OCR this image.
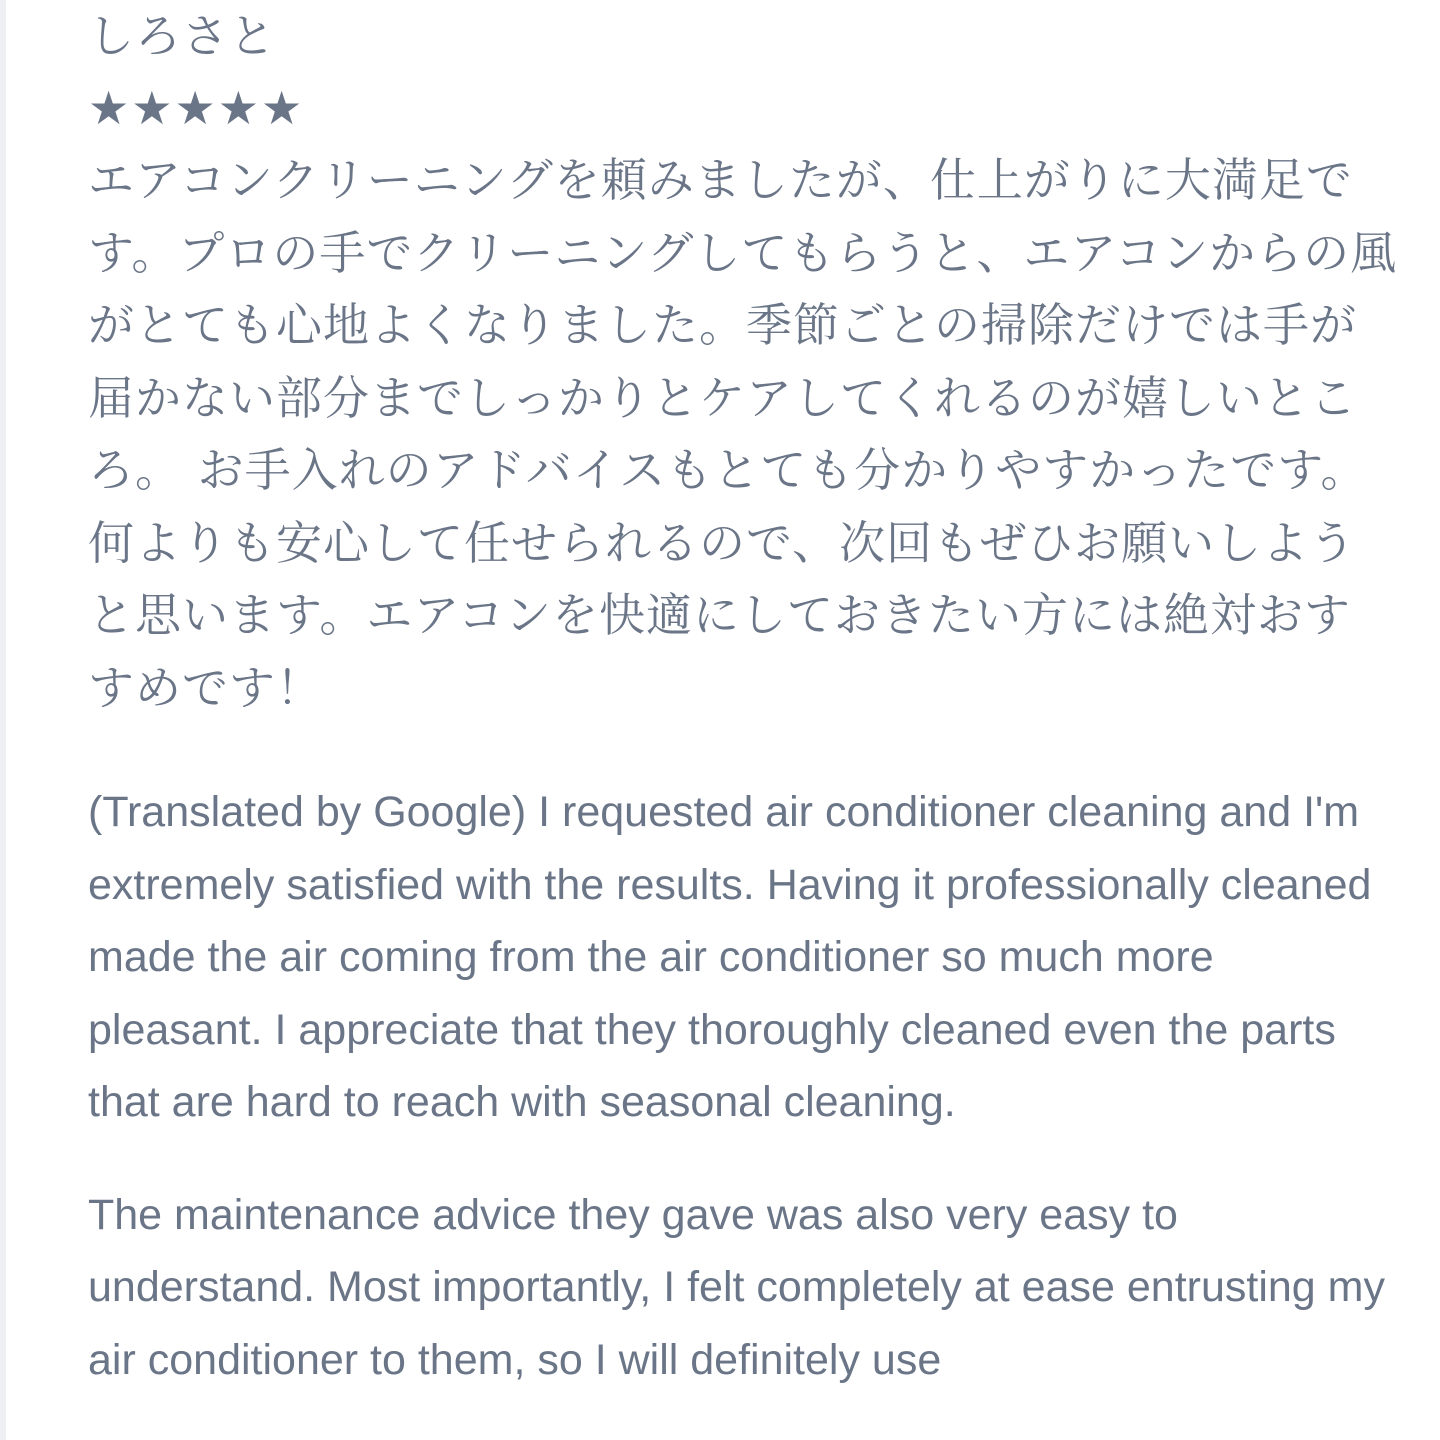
しろさと
★★★★★

エアコンクリーニングを頼みましたが、仕上がりに大満足です。プロの手でクリーニングしてもらうと、エアコンからの風がとても心地よくなりました。季節ごとの掃除だけでは手が届かない部分までしっかりとケアしてくれるのが嬉しいところ。 お手入れのアドバイスもとても分かりやすかったです。何よりも安心して任せられるので、次回もぜひお願いしようと思います。エアコンを快適にしておきたい方には絶対おすすめです！

(Translated by Google) I requested air conditioner cleaning and I'm extremely satisfied with the results. Having it professionally cleaned made the air coming from the air conditioner so much more pleasant. I appreciate that they thoroughly cleaned even the parts that are hard to reach with seasonal cleaning.

The maintenance advice they gave was also very easy to understand. Most importantly, I felt completely at ease entrusting my air conditioner to them, so I will definitely use
